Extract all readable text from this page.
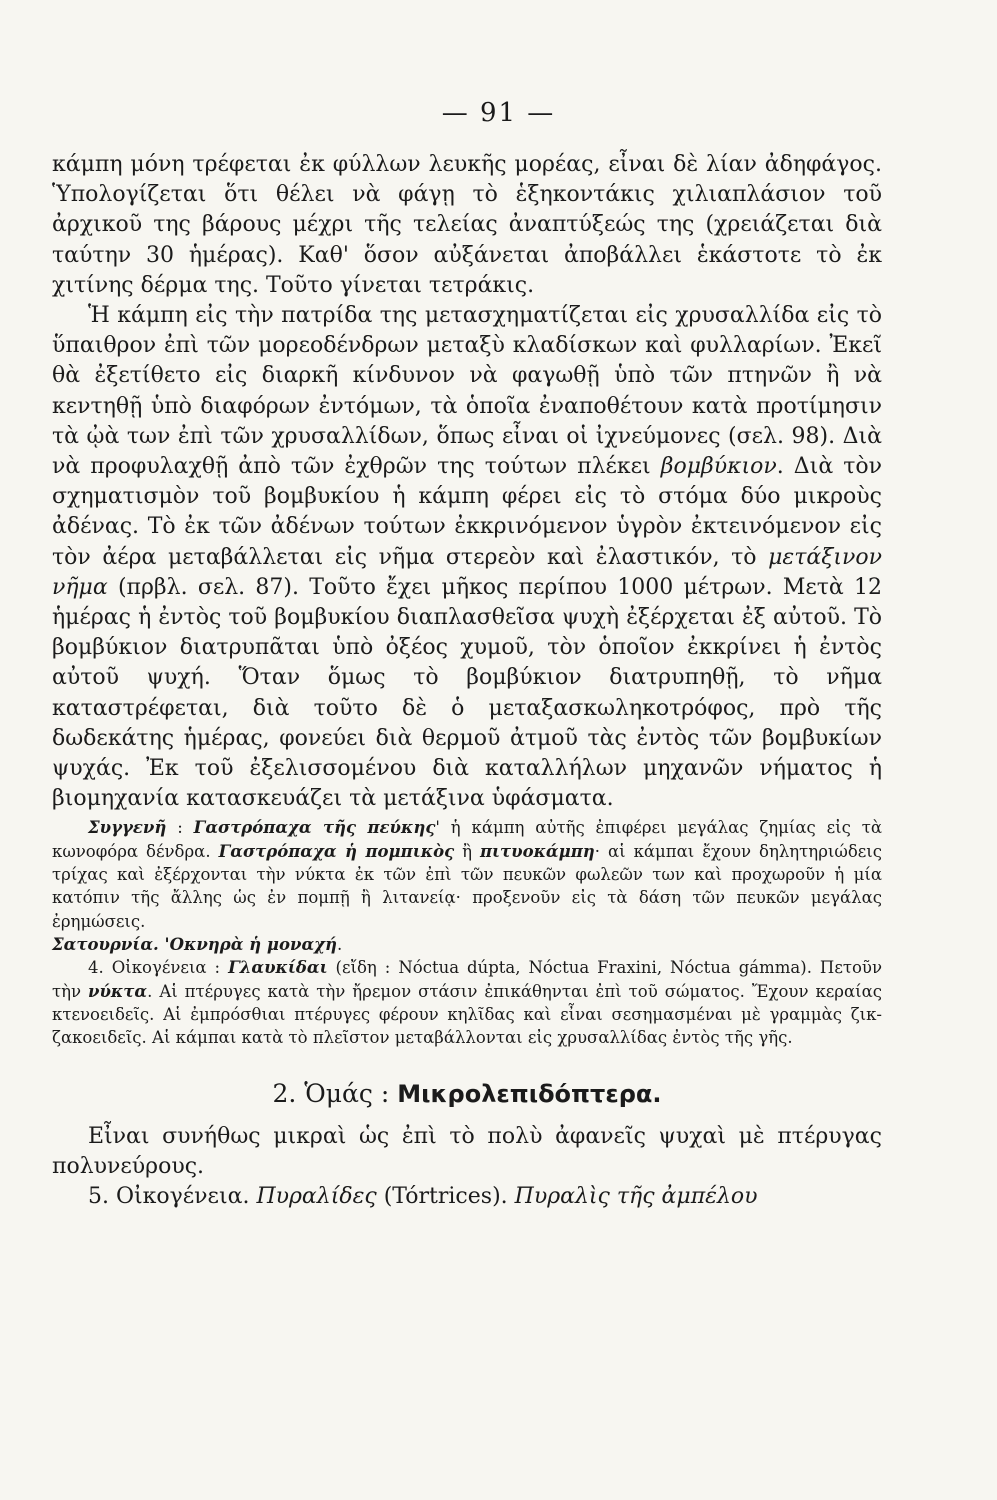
— 91 —

κάμπη μόνη τρέφεται ἐκ φύλλων λευκῆς μορέας, εἶναι δὲ λίαν ἀδηφάγος. Ὑπολογίζεται ὅτι θέλει νὰ φάγῃ τὸ ἑξηκοντάκις χιλιαπλάσιον τοῦ ἀρχικοῦ της βάρους μέχρι τῆς τελείας ἀναπτύξεώς της (χρειάζεται διὰ ταύτην 30 ἡμέρας). Καθ' ὅσον αὐξάνεται ἀποβάλλει ἑκάστοτε τὸ ἐκ χιτίνης δέρμα της. Τοῦτο γίνεται τετράκις.

Ἡ κάμπη εἰς τὴν πατρίδα της μετασχηματίζεται εἰς χρυσαλλίδα εἰς τὸ ὕπαιθρον ἐπὶ τῶν μορεοδένδρων μεταξὺ κλαδίσκων καὶ φυλλαρίων. Ἐκεῖ θὰ ἐξετίθετο εἰς διαρκῆ κίνδυνον νὰ φαγωθῇ ὑπὸ τῶν πτηνῶν ἢ νὰ κεντηθῇ ὑπὸ διαφόρων ἐντόμων, τὰ ὁποῖα ἐναποθέτουν κατὰ προτίμησιν τὰ ᾠὰ των ἐπὶ τῶν χρυσαλλίδων, ὅπως εἶναι οἱ ἰχνεύμονες (σελ. 98). Διὰ νὰ προφυλαχθῇ ἀπὸ τῶν ἐχθρῶν της τούτων πλέκει βομβύκιον. Διὰ τὸν σχηματισμὸν τοῦ βομβυκίου ἡ κάμπη φέρει εἰς τὸ στόμα δύο μικροὺς ἀδένας. Τὸ ἐκ τῶν ἀδένων τούτων ἐκκρινόμενον ὑγρὸν ἐκτεινόμενον εἰς τὸν ἀέρα μεταβάλλεται εἰς νῆμα στερεὸν καὶ ἐλαστικόν, τὸ μετάξινον νῆμα (πρβλ. σελ. 87). Τοῦτο ἔχει μῆκος περίπου 1000 μέτρων. Μετὰ 12 ἡμέρας ἡ ἐντὸς τοῦ βομβυκίου διαπλασθεῖσα ψυχὴ ἐξέρχεται ἐξ αὐτοῦ. Τὸ βομβύκιον διατρυπᾶται ὑπὸ ὀξέος χυμοῦ, τὸν ὁποῖον ἐκκρίνει ἡ ἐντὸς αὐτοῦ ψυχή. Ὅταν ὅμως τὸ βομβύκιον διατρυπηθῇ, τὸ νῆμα καταστρέφεται, διὰ τοῦτο δὲ ὁ μεταξασκωληκοτρόφος, πρὸ τῆς δωδεκάτης ἡμέρας, φονεύει διὰ θερμοῦ ἀτμοῦ τὰς ἐντὸς τῶν βομβυκίων ψυχάς. Ἐκ τοῦ ἐξελισσομένου διὰ καταλλήλων μηχανῶν νήματος ἡ βιομηχανία κατασκευάζει τὰ μετάξινα ὑφάσματα.

Συγγενῆ : Γαστρόπαχα τῆς πεύκης' ἡ κάμπη αὐτῆς ἐπιφέρει μεγάλας ζημίας εἰς τὰ κωνοφόρα δένδρα. Γαστρόπαχα ἡ πομπικὸς ἢ πιτυοκάμπη· αἱ κάμπαι ἔχουν δηλητηριώδεις τρίχας καὶ ἐξέρχονται τὴν νύκτα ἐκ τῶν ἐπὶ τῶν πευκῶν φωλεῶν των καὶ προχωροῦν ἡ μία κατόπιν τῆς ἄλλης ὡς ἐν πομπῇ ἢ λιτανείᾳ· προξενοῦν εἰς τὰ δάση τῶν πευκῶν μεγάλας ἐρημώσεις.

Σατουρνία. 'Οκνηρὰ ἡ μοναχή.

4. Οἰκογένεια : Γλαυκίδαι (εἴδη : Nóctua dúpta, Nóctua Fraxini, Nóctua gámma). Πετοῦν τὴν νύκτα. Αἱ πτέρυγες κατὰ τὴν ἤρεμον στάσιν ἐπικάθηνται ἐπὶ τοῦ σώματος. Ἔχουν κεραίας κτενοειδεῖς. Αἱ ἐμπρόσθιαι πτέρυγες φέρουν κηλῖδας καὶ εἶναι σεσημασμέναι μὲ γραμμὰς ζικ-ζακοειδεῖς. Αἱ κάμπαι κατὰ τὸ πλεῖστον μεταβάλλονται εἰς χρυσαλλίδας ἐντὸς τῆς γῆς.

2. Ὁμάς : Μικρολεπιδόπτερα.

Εἶναι συνήθως μικραὶ ὡς ἐπὶ τὸ πολὺ ἀφανεῖς ψυχαὶ μὲ πτέρυγας πολυνεύρους.

5. Οἰκογένεια. Πυραλίδες (Tórtrices). Πυραλὶς τῆς ἀμπέλου
